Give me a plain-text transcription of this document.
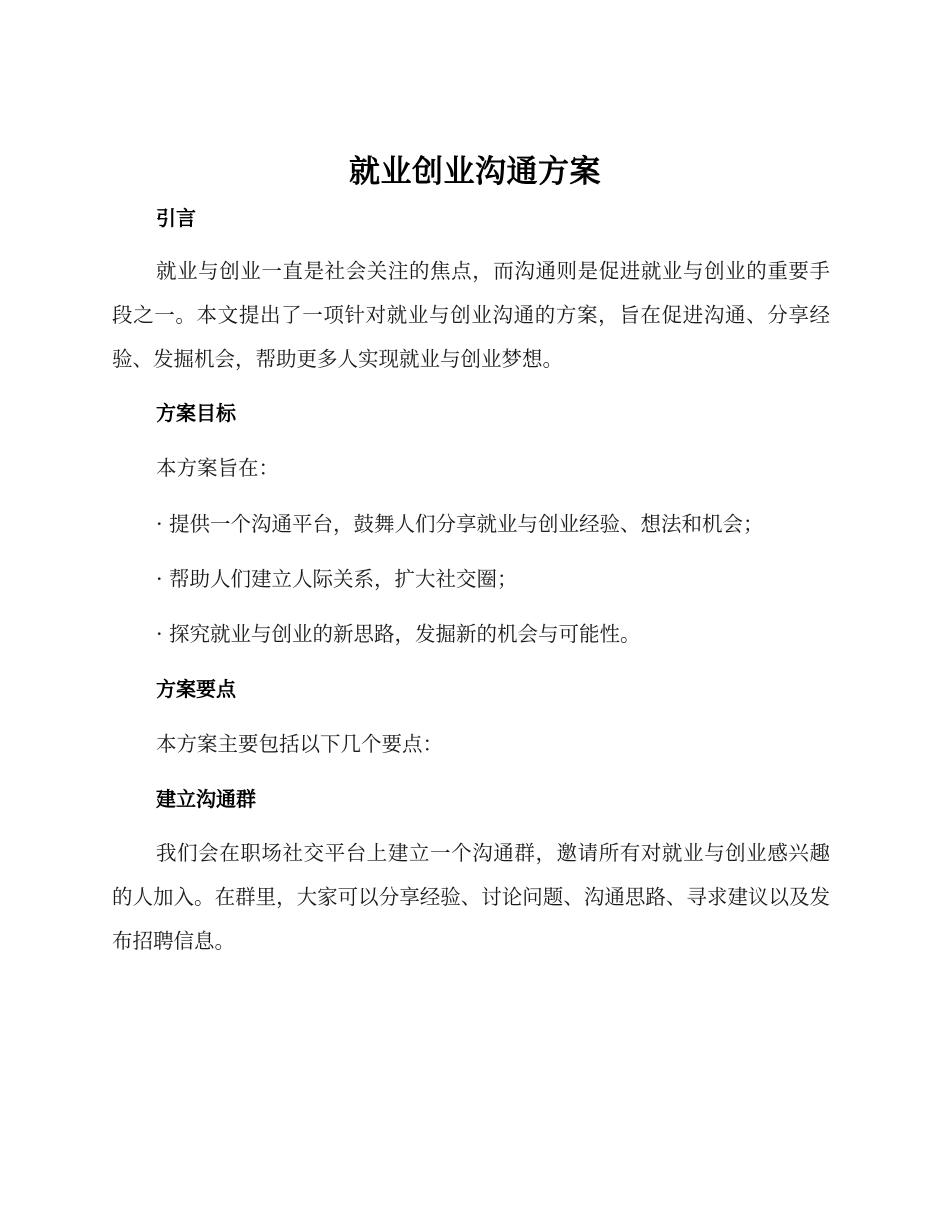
就业创业沟通方案
引言

就业与创业一直是社会关注的焦点，而沟通则是促进就业与创业的重要手段之一。本文提出了一项针对就业与创业沟通的方案，旨在促进沟通、分享经验、发掘机会，帮助更多人实现就业与创业梦想。

方案目标

本方案旨在：

· 提供一个沟通平台，鼓舞人们分享就业与创业经验、想法和机会；

· 帮助人们建立人际关系，扩大社交圈；

· 探究就业与创业的新思路，发掘新的机会与可能性。

方案要点

本方案主要包括以下几个要点：

建立沟通群

我们会在职场社交平台上建立一个沟通群，邀请所有对就业与创业感兴趣的人加入。在群里，大家可以分享经验、讨论问题、沟通思路、寻求建议以及发布招聘信息。
